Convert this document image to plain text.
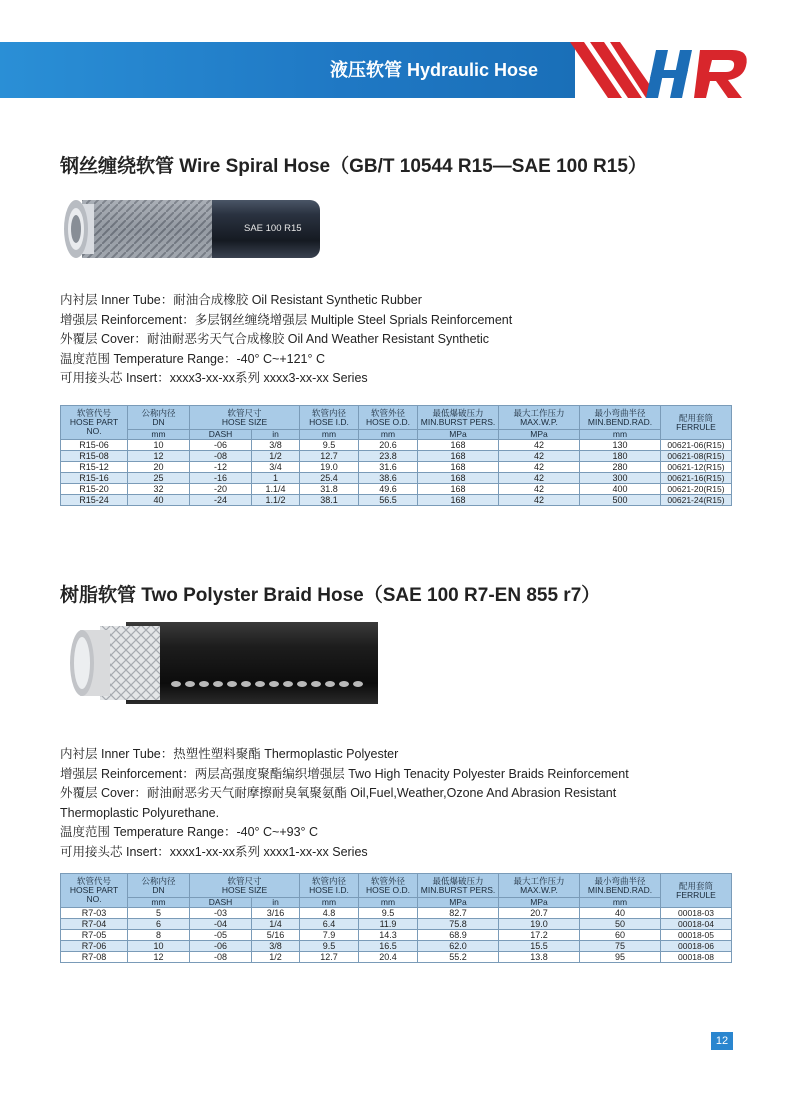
液压软管 Hydraulic Hose
钢丝缠绕软管 Wire Spiral Hose（GB/T 10544 R15—SAE 100 R15）
SAE 100 R15
内衬层 Inner Tube：耐油合成橡胶 Oil Resistant Synthetic Rubber
增强层 Reinforcement：多层钢丝缠绕增强层 Multiple Steel Sprials Reinforcement
外覆层 Cover：耐油耐恶劣天气合成橡胶 Oil And Weather Resistant Synthetic
温度范围 Temperature Range：-40° C~+121° C
可用接头芯 Insert：xxxx3-xx-xx系列 xxxx3-xx-xx Series
软管代号
HOSE PART
NO.	公称内径
DN	软管尺寸
HOSE SIZE		软管内径
HOSE I.D.	软管外径
HOSE O.D.	最低爆破压力
MIN.BURST PERS.	最大工作压力
MAX.W.P.	最小弯曲半径
MIN.BEND.RAD.	配用套筒
FERRULE
	mm	DASH	in	mm	mm	MPa	MPa	mm	
R15-06	10	-06	3/8	9.5	20.6	168	42	130	00621-06(R15)
R15-08	12	-08	1/2	12.7	23.8	168	42	180	00621-08(R15)
R15-12	20	-12	3/4	19.0	31.6	168	42	280	00621-12(R15)
R15-16	25	-16	1	25.4	38.6	168	42	300	00621-16(R15)
R15-20	32	-20	1.1/4	31.8	49.6	168	42	400	00621-20(R15)
R15-24	40	-24	1.1/2	38.1	56.5	168	42	500	00621-24(R15)
树脂软管 Two Polyster Braid Hose（SAE 100 R7-EN 855 r7）
内衬层 Inner Tube：热塑性塑料聚酯 Thermoplastic Polyester
增强层 Reinforcement：两层高强度聚酯编织增强层 Two High Tenacity Polyester Braids Reinforcement
外覆层 Cover：耐油耐恶劣天气耐摩擦耐臭氧聚氨酯 Oil,Fuel,Weather,Ozone And Abrasion Resistant
Thermoplastic Polyurethane.
温度范围 Temperature Range：-40° C~+93° C
可用接头芯 Insert：xxxx1-xx-xx系列 xxxx1-xx-xx Series
软管代号
HOSE PART
NO.	公称内径
DN	软管尺寸
HOSE SIZE		软管内径
HOSE I.D.	软管外径
HOSE O.D.	最低爆破压力
MIN.BURST PERS.	最大工作压力
MAX.W.P.	最小弯曲半径
MIN.BEND.RAD.	配用套筒
FERRULE
	mm	DASH	in	mm	mm	MPa	MPa	mm	
R7-03	5	-03	3/16	4.8	9.5	82.7	20.7	40	00018-03
R7-04	6	-04	1/4	6.4	11.9	75.8	19.0	50	00018-04
R7-05	8	-05	5/16	7.9	14.3	68.9	17.2	60	00018-05
R7-06	10	-06	3/8	9.5	16.5	62.0	15.5	75	00018-06
R7-08	12	-08	1/2	12.7	20.4	55.2	13.8	95	00018-08
12
